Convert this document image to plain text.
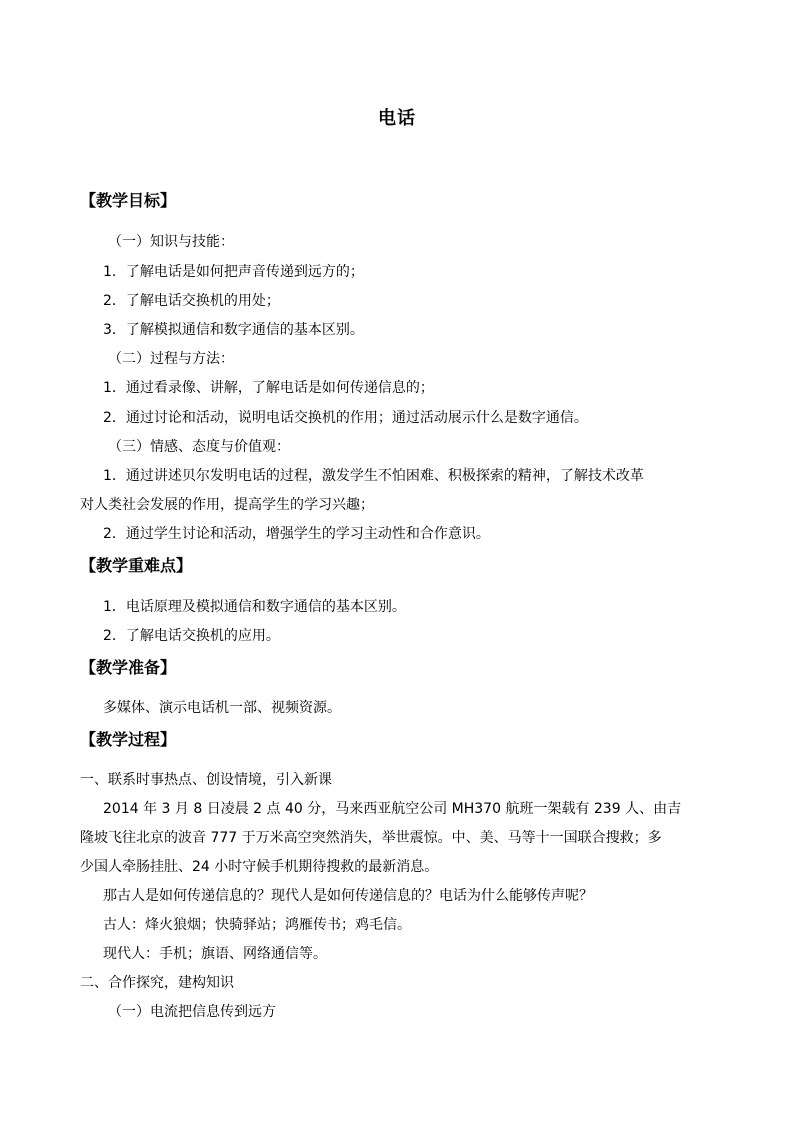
电话
【教学目标】
（一）知识与技能：
1．了解电话是如何把声音传递到远方的；
2．了解电话交换机的用处；
3．了解模拟通信和数字通信的基本区别。
（二）过程与方法：
1．通过看录像、讲解，了解电话是如何传递信息的；
2．通过讨论和活动，说明电话交换机的作用；通过活动展示什么是数字通信。
（三）情感、态度与价值观：
1．通过讲述贝尔发明电话的过程，激发学生不怕困难、积极探索的精神，了解技术改革
对人类社会发展的作用，提高学生的学习兴趣；
2．通过学生讨论和活动，增强学生的学习主动性和合作意识。
【教学重难点】
1．电话原理及模拟通信和数字通信的基本区别。
2．了解电话交换机的应用。
【教学准备】
多媒体、演示电话机一部、视频资源。
【教学过程】
一、联系时事热点、创设情境，引入新课
2014 年 3 月 8 日凌晨 2 点 40 分，马来西亚航空公司 MH370 航班一架载有 239 人、由吉
隆坡飞往北京的波音 777 于万米高空突然消失，举世震惊。中、美、马等十一国联合搜救；多
少国人牵肠挂肚、24 小时守候手机期待搜救的最新消息。
那古人是如何传递信息的？现代人是如何传递信息的？电话为什么能够传声呢？
古人：烽火狼烟；快骑驿站；鸿雁传书；鸡毛信。
现代人：手机；旗语、网络通信等。
二、合作探究，建构知识
（一）电流把信息传到远方
